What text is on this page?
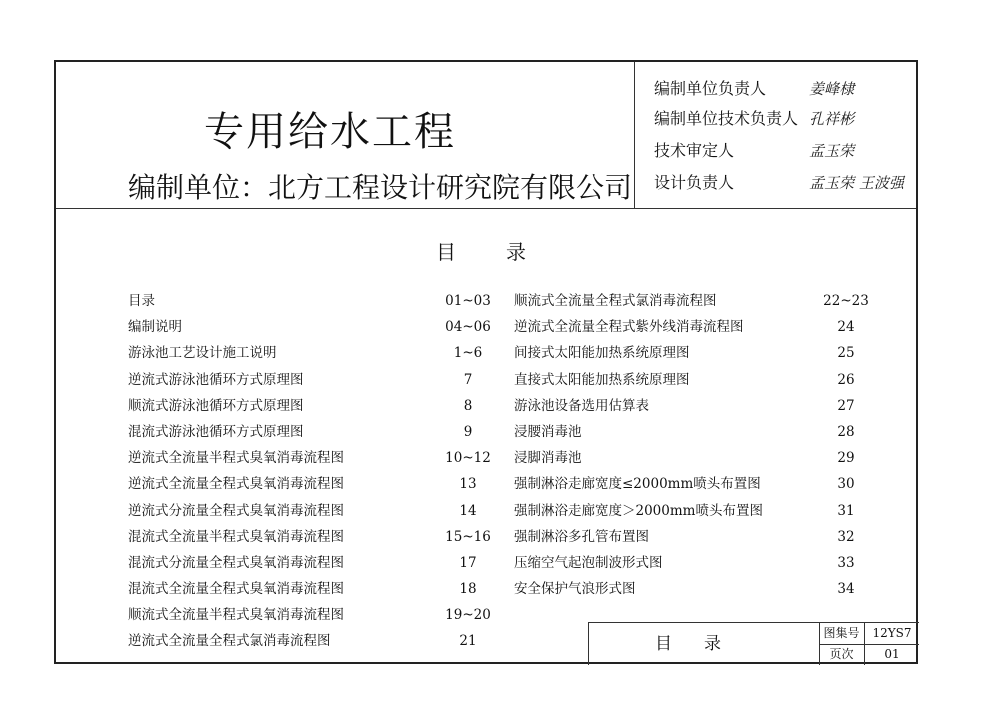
专用给水工程
编制单位：北方工程设计研究院有限公司
编制单位负责人	姜峰棣
编制单位技术负责人 孔祥彬
技术审定人	孟玉荣
设计负责人	孟玉荣 王波强
目录
目录	01~03
编制说明	04~06
游泳池工艺设计施工说明	1~6
逆流式游泳池循环方式原理图	7
顺流式游泳池循环方式原理图	8
混流式游泳池循环方式原理图	9
逆流式全流量半程式臭氧消毒流程图	10~12
逆流式全流量全程式臭氧消毒流程图	13
逆流式分流量全程式臭氧消毒流程图	14
混流式全流量半程式臭氧消毒流程图	15~16
混流式分流量全程式臭氧消毒流程图	17
混流式全流量全程式臭氧消毒流程图	18
顺流式全流量半程式臭氧消毒流程图	19~20
逆流式全流量全程式氯消毒流程图	21
顺流式全流量全程式氯消毒流程图	22~23
逆流式全流量全程式紫外线消毒流程图	24
间接式太阳能加热系统原理图	25
直接式太阳能加热系统原理图	26
游泳池设备选用估算表	27
浸腰消毒池	28
浸脚消毒池	29
强制淋浴走廊宽度≤2000mm喷头布置图	30
强制淋浴走廊宽度＞2000mm喷头布置图	31
强制淋浴多孔管布置图	32
压缩空气起泡制波形式图	33
安全保护气浪形式图	34
目录
图集号	12YS7
页次	01
